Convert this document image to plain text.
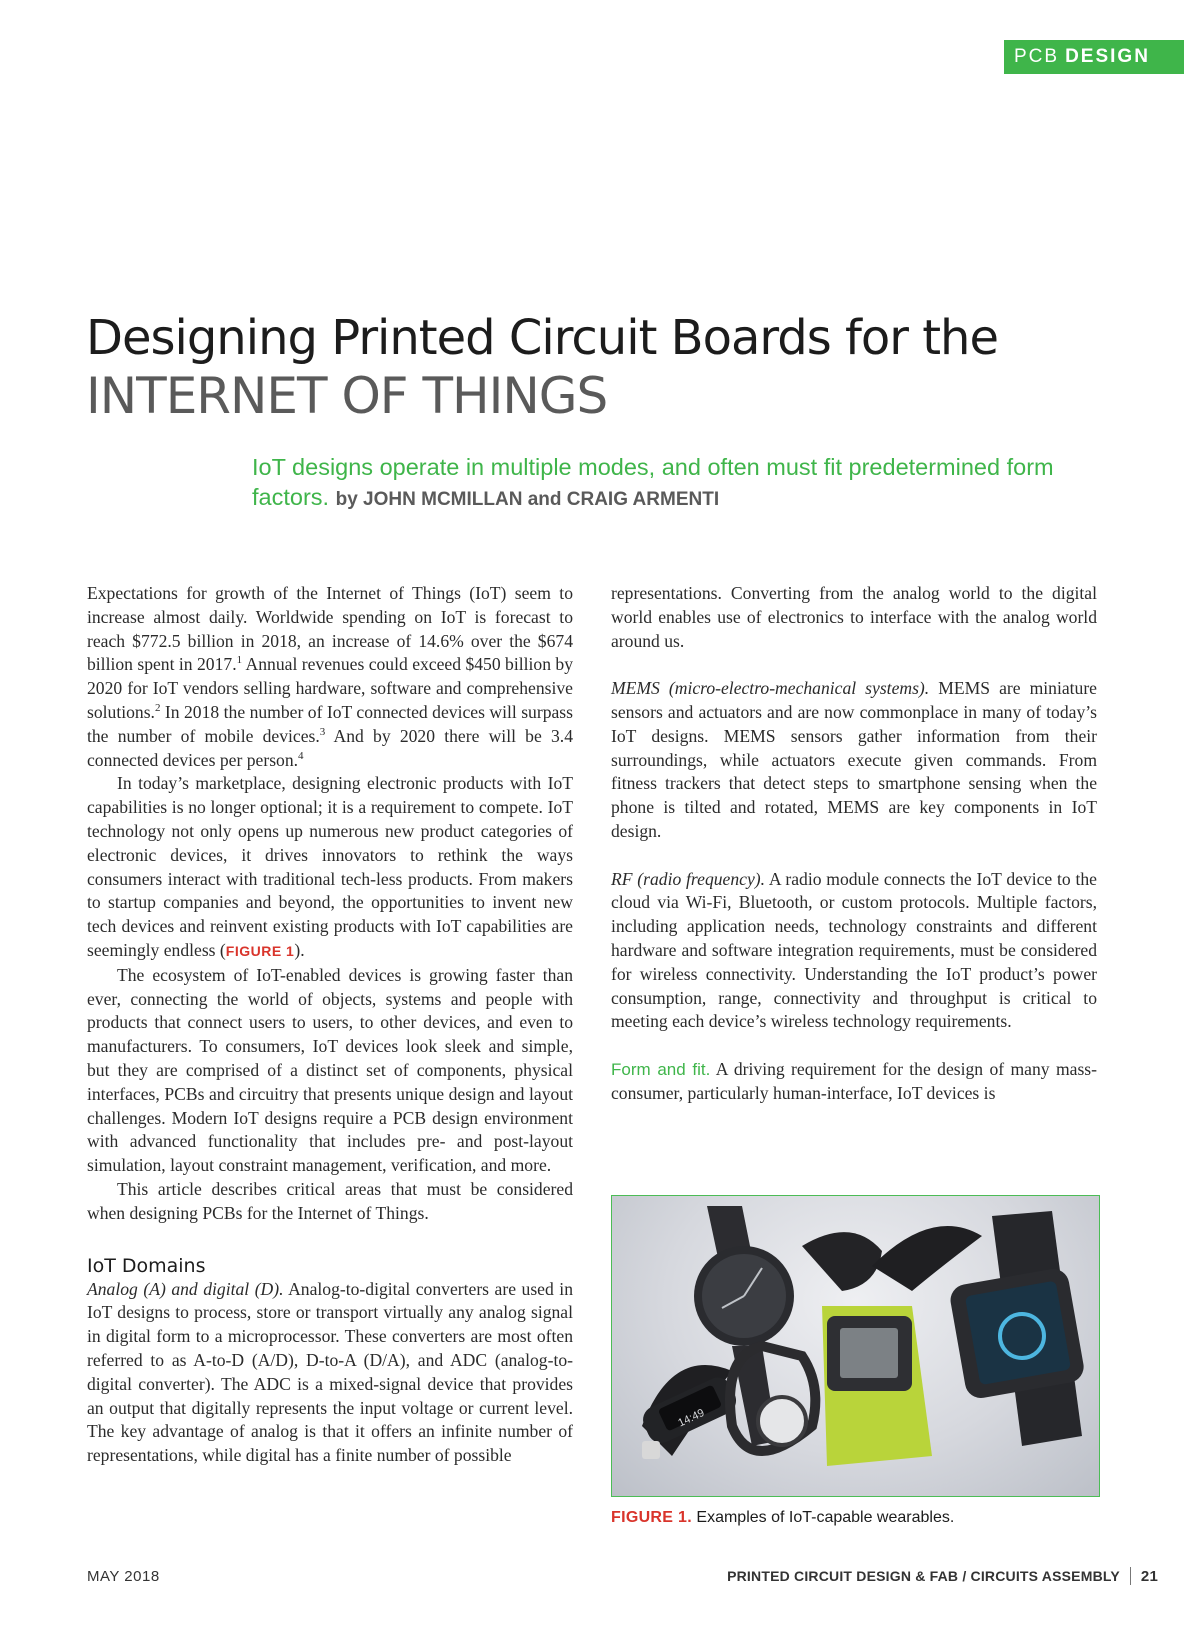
PCB DESIGN
Designing Printed Circuit Boards for the
INTERNET OF THINGS
IoT designs operate in multiple modes, and often must fit predetermined form factors. by JOHN MCMILLAN and CRAIG ARMENTI

Expectations for growth of the Internet of Things (IoT) seem to increase almost daily. Worldwide spending on IoT is forecast to reach $772.5 billion in 2018, an increase of 14.6% over the $674 billion spent in 2017.$^1$ Annual revenues could exceed $450 billion by 2020 for IoT vendors selling hardware, software and comprehensive solutions.$^2$ In 2018 the number of IoT connected devices will surpass the number of mobile devices.$^3$ And by 2020 there will be 3.4 connected devices per person.$^4$

In today’s marketplace, designing electronic products with IoT capabilities is no longer optional; it is a requirement to compete. IoT technology not only opens up numerous new product categories of electronic devices, it drives innovators to rethink the ways consumers interact with traditional tech-less products. From makers to startup companies and beyond, the opportunities to invent new tech devices and reinvent existing products with IoT capabilities are seemingly endless (FIGURE 1).

The ecosystem of IoT-enabled devices is growing faster than ever, connecting the world of objects, systems and people with products that connect users to users, to other devices, and even to manufacturers. To consumers, IoT devices look sleek and simple, but they are comprised of a distinct set of components, physical interfaces, PCBs and circuitry that presents unique design and layout challenges. Modern IoT designs require a PCB design environment with advanced functionality that includes pre- and post-layout simulation, layout constraint management, verification, and more.

This article describes critical areas that must be considered when designing PCBs for the Internet of Things.

IoT Domains

Analog (A) and digital (D). Analog-to-digital converters are used in IoT designs to process, store or transport virtually any analog signal in digital form to a microprocessor. These converters are most often referred to as A-to-D (A/D), D-to-A (D/A), and ADC (analog-to-digital converter). The ADC is a mixed-signal device that provides an output that digitally represents the input voltage or current level. The key advantage of analog is that it offers an infinite number of representations, while digital has a finite number of possible

representations. Converting from the analog world to the digital world enables use of electronics to interface with the analog world around us.

MEMS (micro-electro-mechanical systems). MEMS are miniature sensors and actuators and are now commonplace in many of today’s IoT designs. MEMS sensors gather information from their surroundings, while actuators execute given commands. From fitness trackers that detect steps to smartphone sensing when the phone is tilted and rotated, MEMS are key components in IoT design.

RF (radio frequency). A radio module connects the IoT device to the cloud via Wi-Fi, Bluetooth, or custom protocols. Multiple factors, including application needs, technology constraints and different hardware and software integration requirements, must be considered for wireless connectivity. Understanding the IoT product’s power consumption, range, connectivity and throughput is critical to meeting each device’s wireless technology requirements.

Form and fit. A driving requirement for the design of many mass-consumer, particularly human-interface, IoT devices is

14:49
FIGURE 1. Examples of IoT-capable wearables.
MAY 2018	PRINTED CIRCUIT DESIGN & FAB / CIRCUITS ASSEMBLY 21
